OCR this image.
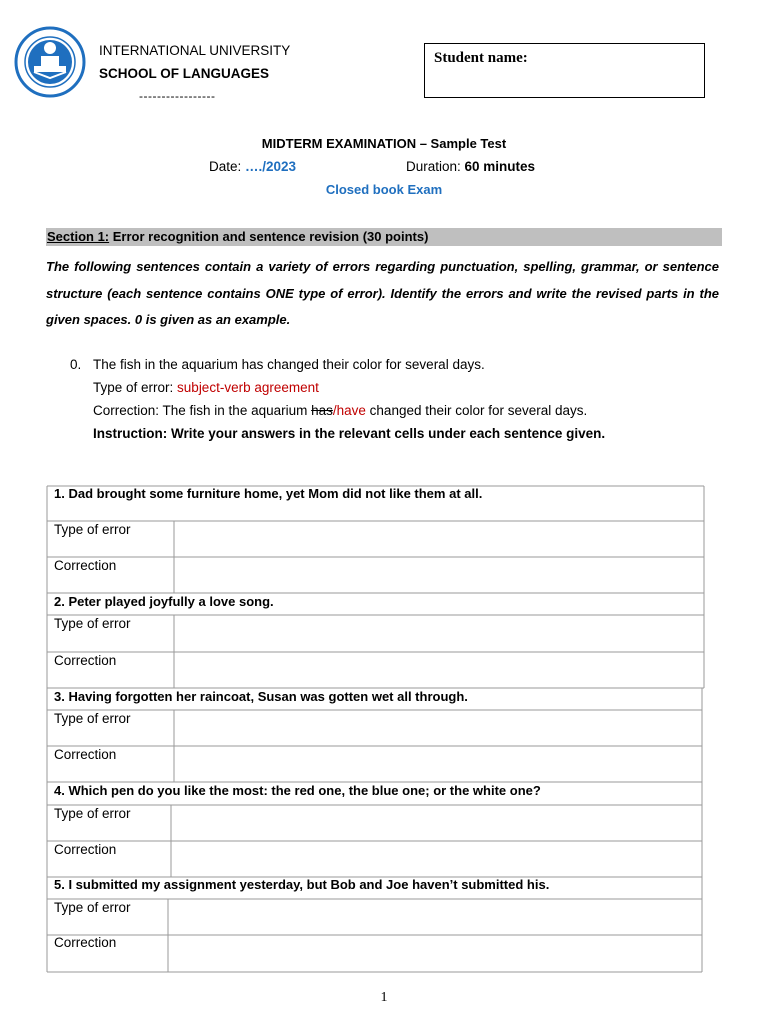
INTERNATIONAL UNIVERSITY
SCHOOL OF LANGUAGES
-----------------
Student name:
MIDTERM EXAMINATION – Sample Test
Date: …./2023	Duration: 60 minutes
Closed book Exam
Section 1: Error recognition and sentence revision (30 points)
The following sentences contain a variety of errors regarding punctuation, spelling, grammar, or sentence structure (each sentence contains ONE type of error). Identify the errors and write the revised parts in the given spaces. 0 is given as an example.
0. The fish in the aquarium has changed their color for several days.
Type of error: subject-verb agreement
Correction: The fish in the aquarium has/have changed their color for several days.
Instruction: Write your answers in the relevant cells under each sentence given.
1. Dad brought some furniture home, yet Mom did not like them at all.
Type of error
Correction
2. Peter played joyfully a love song.
Type of error
Correction
3. Having forgotten her raincoat, Susan was gotten wet all through.
Type of error
Correction
4. Which pen do you like the most: the red one, the blue one; or the white one?
Type of error
Correction
5. I submitted my assignment yesterday, but Bob and Joe haven’t submitted his.
Type of error
Correction
1
